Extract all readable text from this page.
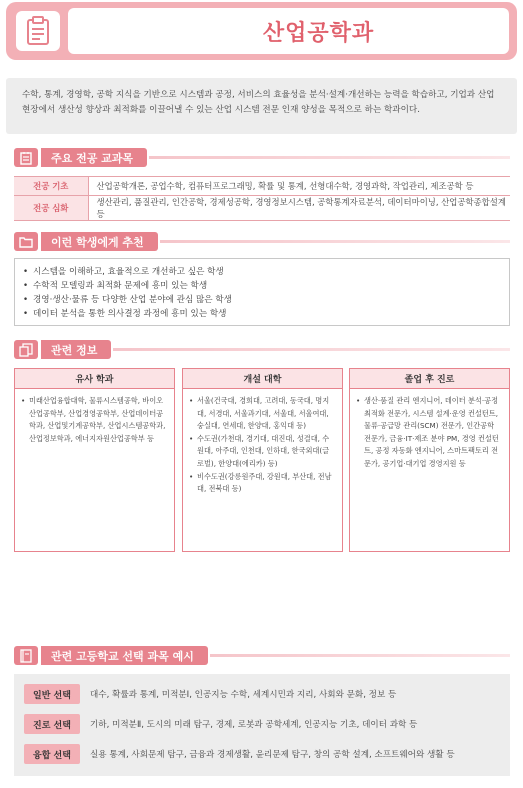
산업공학과
수학, 통계, 경영학, 공학 지식을 기반으로 시스템과 공정, 서비스의 효율성을 분석·설계·개선하는 능력을 학습하고, 기업과 산업 현장에서 생산성 향상과 최적화를 이끌어낼 수 있는 산업 시스템 전문 인재 양성을 목적으로 하는 학과이다.
주요 전공 교과목
전공 기초	산업공학개론, 공업수학, 컴퓨터프로그래밍, 확률 및 통계, 선형대수학, 경영과학, 작업관리, 제조공학 등
전공 심화	생산관리, 품질관리, 인간공학, 경제성공학, 경영정보시스템, 공학통계자료분석, 데이터마이닝, 산업공학종합설계 등
이런 학생에게 추천
• 시스템을 이해하고, 효율적으로 개선하고 싶은 학생
• 수학적 모델링과 최적화 문제에 흥미 있는 학생
• 경영·생산·물류 등 다양한 산업 분야에 관심 많은 학생
• 데이터 분석을 통한 의사결정 과정에 흥미 있는 학생
관련 정보
유사 학과
• 미래산업융합대학, 물류시스템공학, 바이오산업공학부, 산업경영공학부, 산업데이터공학과, 산업및기계공학부, 산업시스템공학과, 산업정보학과, 에너지자원산업공학부 등
개설 대학
• 서울(건국대, 경희대, 고려대, 동국대, 명지대, 서경대, 서울과기대, 서울대, 서울여대, 숭실대, 연세대, 한양대, 홍익대 등)
• 수도권(가천대, 경기대, 대진대, 성결대, 수원대, 아주대, 인천대, 인하대, 한국외대(글로벌), 한양대(에리카) 등)
• 비수도권(강릉원주대, 강원대, 부산대, 전남대, 전북대 등)
졸업 후 진로
• 생산·품질 관리 엔지니어, 데이터 분석·공정 최적화 전문가, 시스템 설계·운영 컨설턴트, 물류·공급망 관리(SCM) 전문가, 인간공학 전문가, 금융·IT·제조 분야 PM, 경영 컨설턴트, 공정 자동화 엔지니어, 스마트팩토리 전문가, 공기업·대기업 경영지원 등
관련 고등학교 선택 과목 예시
일반 선택	대수, 확률과 통계, 미적분Ⅰ, 인공지능 수학, 세계시민과 지리, 사회와 문화, 정보 등
진로 선택	기하, 미적분Ⅱ, 도시의 미래 탐구, 경제, 로봇과 공학세계, 인공지능 기초, 데이터 과학 등
융합 선택	실용 통계, 사회문제 탐구, 금융과 경제생활, 윤리문제 탐구, 창의 공학 설계, 소프트웨어와 생활 등
